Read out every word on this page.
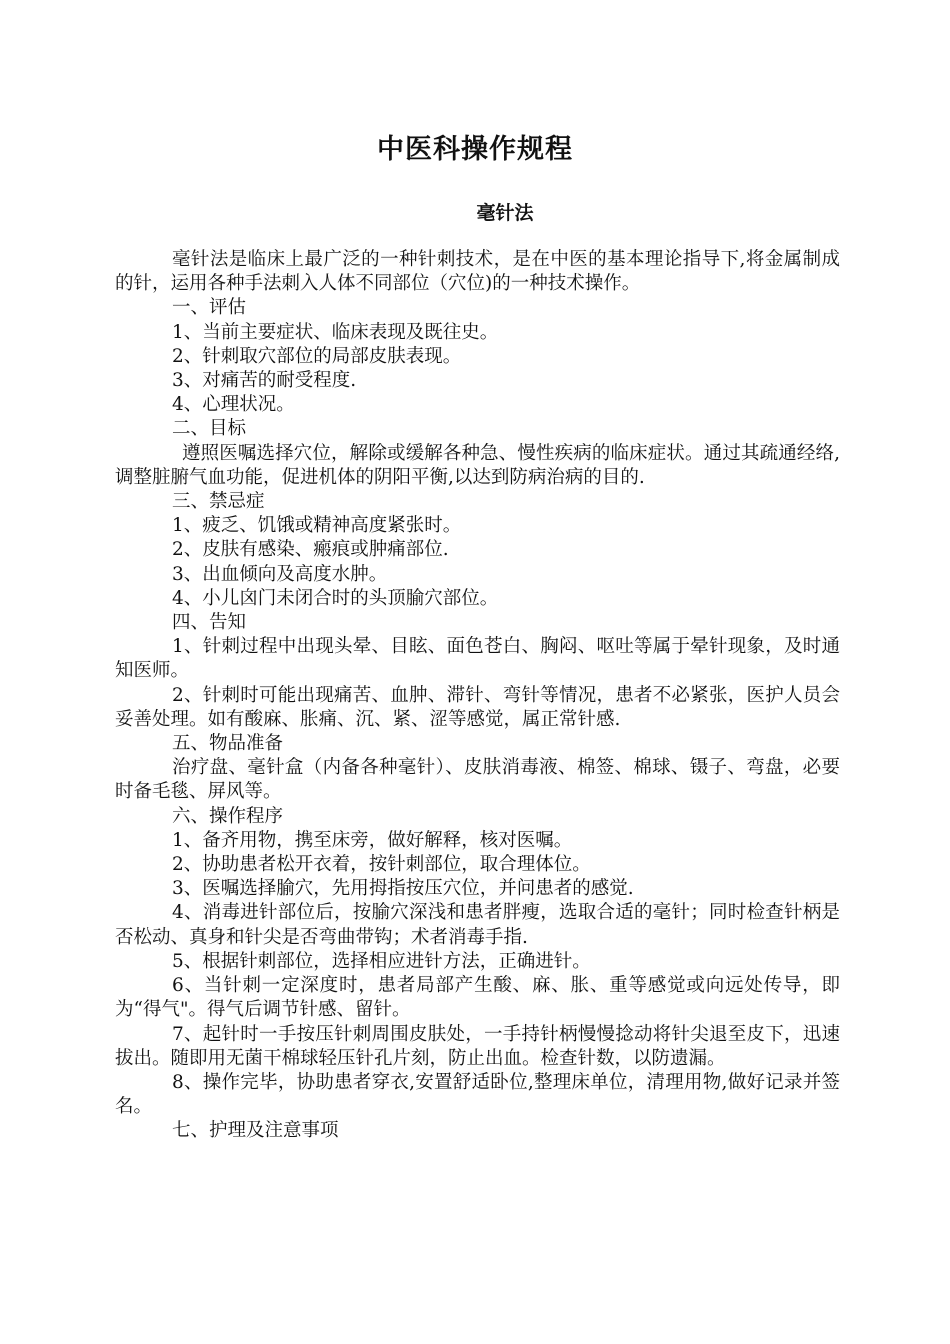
中医科操作规程
毫针法

毫针法是临床上最广泛的一种针刺技术，是在中医的基本理论指导下,将金属制成的针，运用各种手法刺入人体不同部位（穴位)的一种技术操作。

一、评估

1、当前主要症状、临床表现及既往史。

2、针刺取穴部位的局部皮肤表现。

3、对痛苦的耐受程度.

4、心理状况。

二、目标

遵照医嘱选择穴位，解除或缓解各种急、慢性疾病的临床症状。通过其疏通经络,调整脏腑气血功能，促进机体的阴阳平衡,以达到防病治病的目的.

三、禁忌症

1、疲乏、饥饿或精神高度紧张时。

2、皮肤有感染、瘢痕或肿痛部位.

3、出血倾向及高度水肿。

4、小儿囟门未闭合时的头顶腧穴部位。

四、告知

1、针刺过程中出现头晕、目眩、面色苍白、胸闷、呕吐等属于晕针现象，及时通知医师。

2、针刺时可能出现痛苦、血肿、滞针、弯针等情况，患者不必紧张，医护人员会妥善处理。如有酸麻、胀痛、沉、紧、涩等感觉，属正常针感.

五、物品准备

治疗盘、毫针盒（内备各种毫针）、皮肤消毒液、棉签、棉球、镊子、弯盘，必要时备毛毯、屏风等。

六、操作程序

1、备齐用物，携至床旁，做好解释，核对医嘱。

2、协助患者松开衣着，按针刺部位，取合理体位。

3、医嘱选择腧穴，先用拇指按压穴位，并问患者的感觉.

4、消毒进针部位后，按腧穴深浅和患者胖瘦，选取合适的毫针；同时检查针柄是否松动、真身和针尖是否弯曲带钩；术者消毒手指.

5、根据针刺部位，选择相应进针方法，正确进针。

6、当针刺一定深度时，患者局部产生酸、麻、胀、重等感觉或向远处传导，即为“得气"。得气后调节针感、留针。

7、起针时一手按压针刺周围皮肤处，一手持针柄慢慢捻动将针尖退至皮下，迅速拔出。随即用无菌干棉球轻压针孔片刻，防止出血。检查针数，以防遗漏。

8、操作完毕，协助患者穿衣,安置舒适卧位,整理床单位，清理用物,做好记录并签名。

七、护理及注意事项
